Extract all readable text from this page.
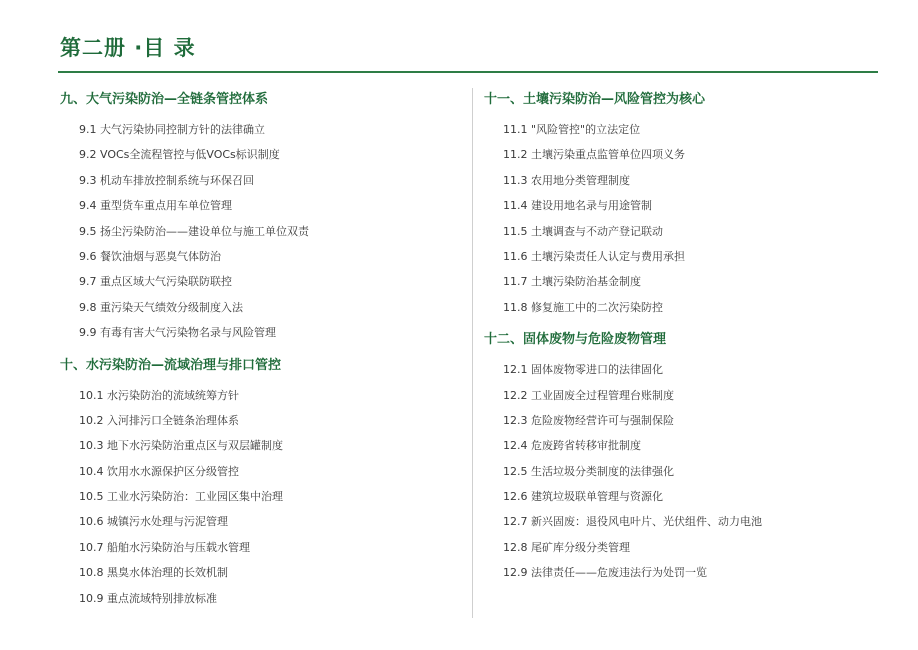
第二册 ·目 录
九、大气污染防治—全链条管控体系
9.1 大气污染协同控制方针的法律确立
9.2 VOCs全流程管控与低VOCs标识制度
9.3 机动车排放控制系统与环保召回
9.4 重型货车重点用车单位管理
9.5 扬尘污染防治——建设单位与施工单位双责
9.6 餐饮油烟与恶臭气体防治
9.7 重点区域大气污染联防联控
9.8 重污染天气绩效分级制度入法
9.9 有毒有害大气污染物名录与风险管理
十、水污染防治—流域治理与排口管控
10.1 水污染防治的流域统筹方针
10.2 入河排污口全链条治理体系
10.3 地下水污染防治重点区与双层罐制度
10.4 饮用水水源保护区分级管控
10.5 工业水污染防治：工业园区集中治理
10.6 城镇污水处理与污泥管理
10.7 船舶水污染防治与压载水管理
10.8 黑臭水体治理的长效机制
10.9 重点流域特别排放标准
十一、土壤污染防治—风险管控为核心
11.1 "风险管控"的立法定位
11.2 土壤污染重点监管单位四项义务
11.3 农用地分类管理制度
11.4 建设用地名录与用途管制
11.5 土壤调查与不动产登记联动
11.6 土壤污染责任人认定与费用承担
11.7 土壤污染防治基金制度
11.8 修复施工中的二次污染防控
十二、固体废物与危险废物管理
12.1 固体废物零进口的法律固化
12.2 工业固废全过程管理台账制度
12.3 危险废物经营许可与强制保险
12.4 危废跨省转移审批制度
12.5 生活垃圾分类制度的法律强化
12.6 建筑垃圾联单管理与资源化
12.7 新兴固废：退役风电叶片、光伏组件、动力电池
12.8 尾矿库分级分类管理
12.9 法律责任——危废违法行为处罚一览
